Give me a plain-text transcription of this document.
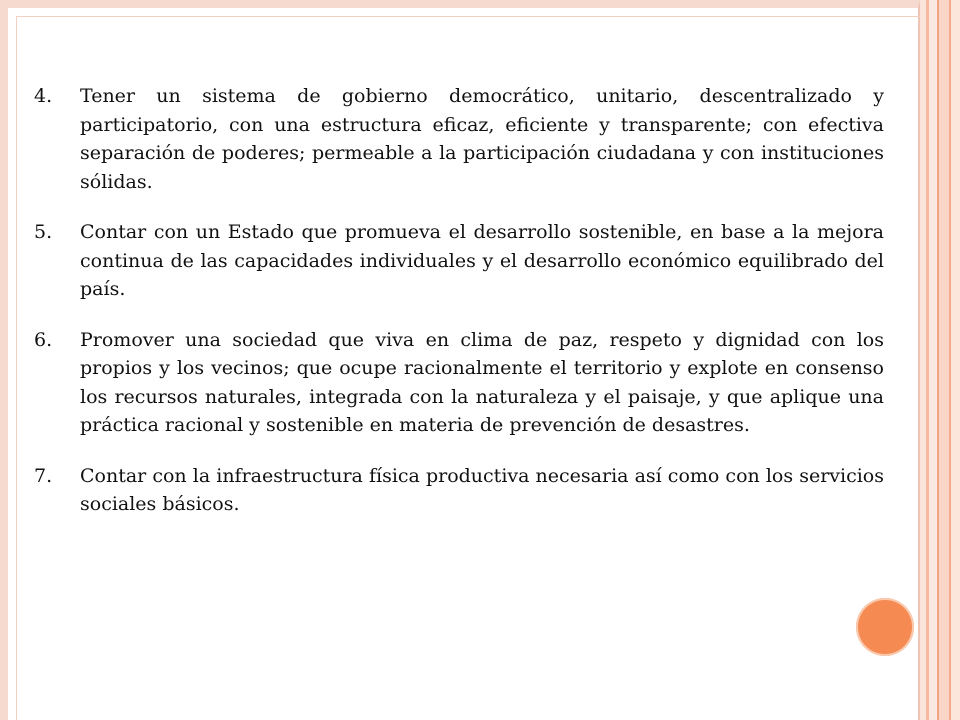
4.	Tener un sistema de gobierno democrático, unitario, descentralizado y participatorio, con una estructura eficaz, eficiente y transparente; con efectiva separación de poderes; permeable a la participación ciudadana y con instituciones sólidas.
5.	Contar con un Estado que promueva el desarrollo sostenible, en base a la mejora continua de las capacidades individuales y el desarrollo económico equilibrado del país.
6.	Promover una sociedad que viva en clima de paz, respeto y dignidad con los propios y los vecinos; que ocupe racionalmente el territorio y explote en consenso los recursos naturales, integrada con la naturaleza y el paisaje, y que aplique una práctica racional y sostenible en materia de prevención de desastres.
7.	Contar con la infraestructura física productiva necesaria así como con los servicios sociales básicos.
